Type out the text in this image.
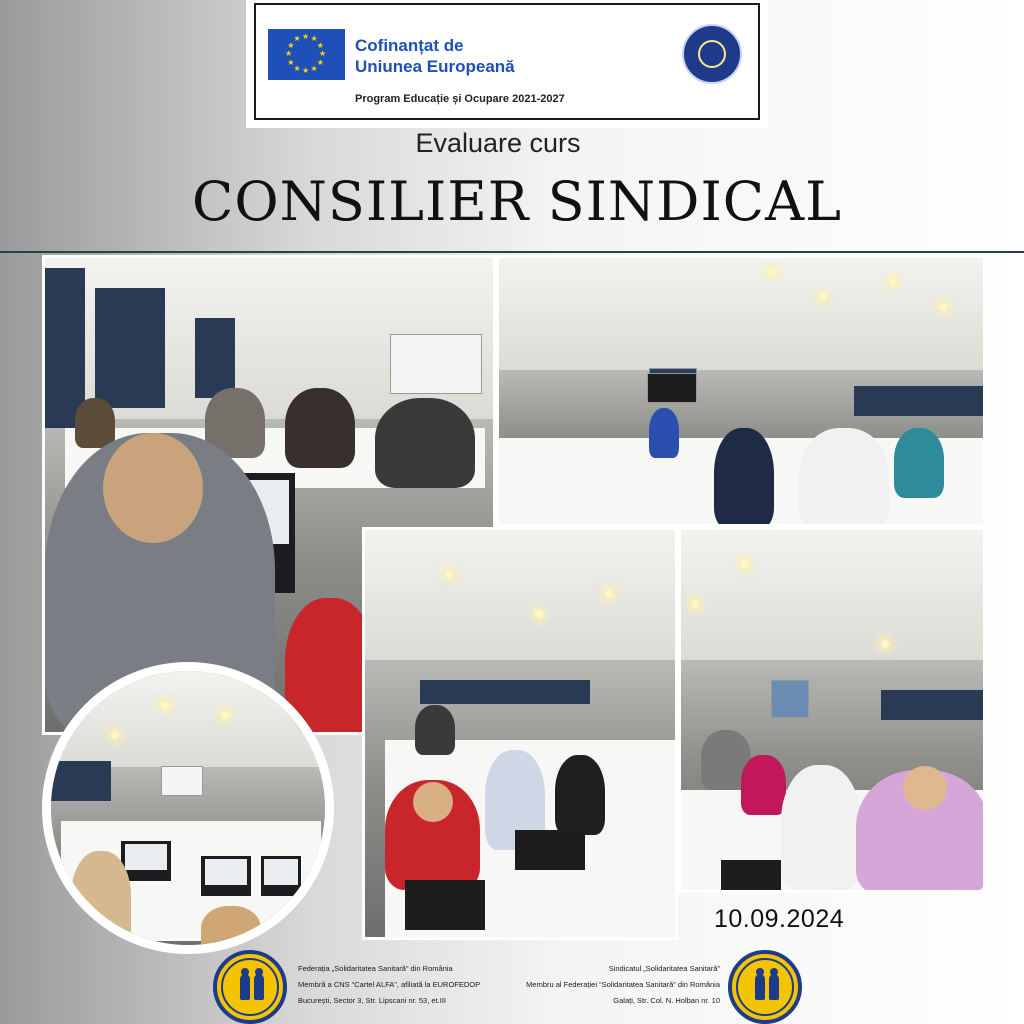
★ ★
★
★
★
★
★
★
★
★
★
★	Cofinanțat de
Uniunea Europeană
Program Educație și Ocupare 2021-2027
Evaluare curs
CONSILIER SINDICAL
10.09.2024
Federația „Solidaritatea Sanitară” din România
Membră a CNS “Cartel ALFA”, afiliată la EUROFEDOP
București, Sector 3, Str. Lipscani nr. 53, et.III
Sindicatul „Solidaritatea Sanitară”
Membru al Federației “Solidaritatea Sanitară” din România
Galați, Str. Col. N. Holban nr. 10
